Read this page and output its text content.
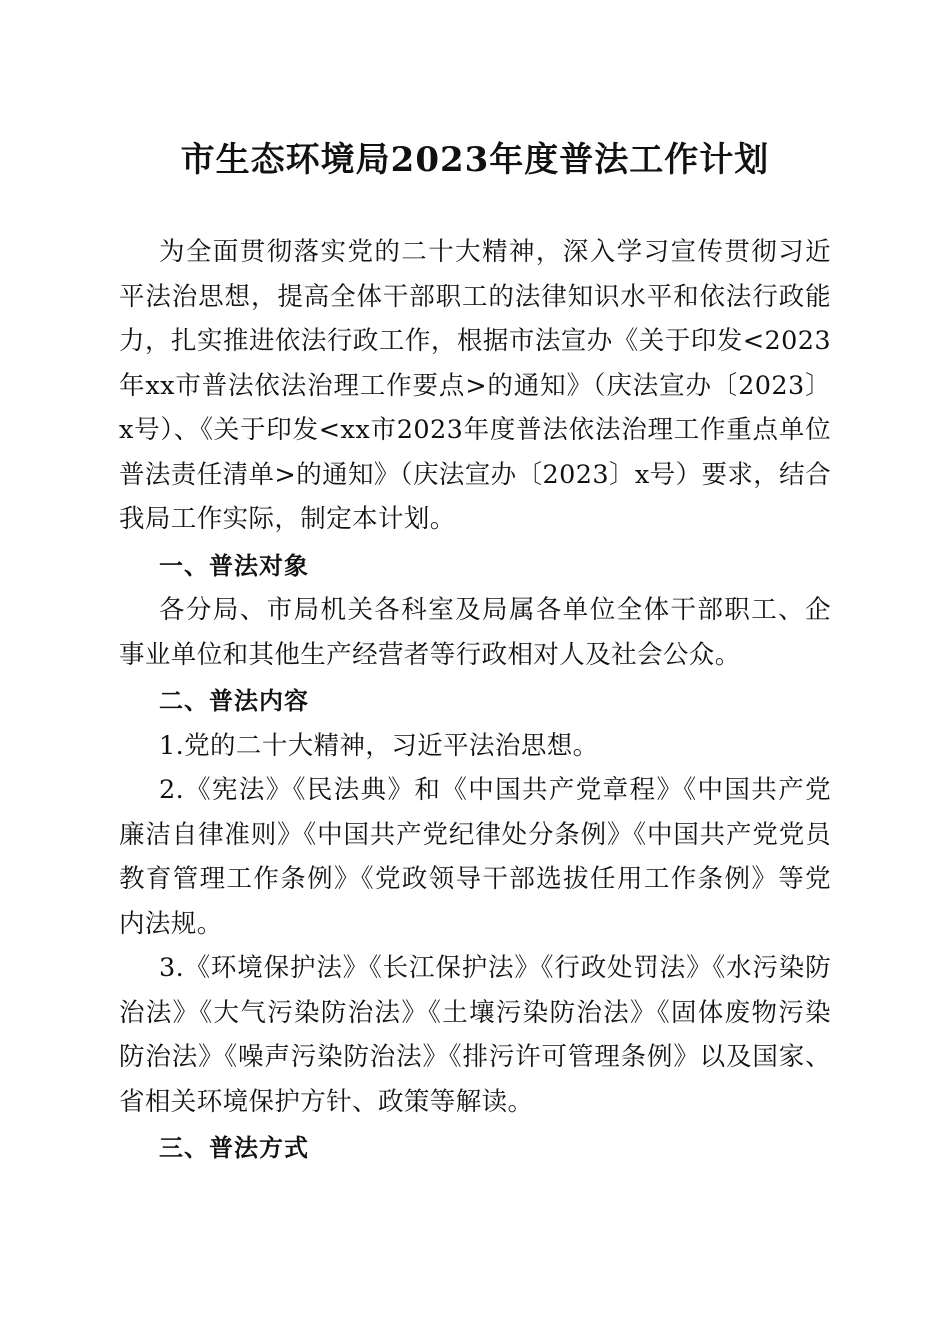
市生态环境局2023年度普法工作计划

为全面贯彻落实党的二十大精神，深入学习宣传贯彻习近平法治思想，提高全体干部职工的法律知识水平和依法行政能力，扎实推进依法行政工作，根据市法宣办《关于印发<2023年xx市普法依法治理工作要点>的通知》（庆法宣办〔2023〕x号）、《关于印发<xx市2023年度普法依法治理工作重点单位普法责任清单>的通知》（庆法宣办〔2023〕x号）要求，结合我局工作实际，制定本计划。

一、普法对象

各分局、市局机关各科室及局属各单位全体干部职工、企事业单位和其他生产经营者等行政相对人及社会公众。

二、普法内容

1.党的二十大精神，习近平法治思想。

2.《宪法》《民法典》和《中国共产党章程》《中国共产党廉洁自律准则》《中国共产党纪律处分条例》《中国共产党党员教育管理工作条例》《党政领导干部选拔任用工作条例》等党内法规。

3.《环境保护法》《长江保护法》《行政处罚法》《水污染防治法》《大气污染防治法》《土壤污染防治法》《固体废物污染防治法》《噪声污染防治法》《排污许可管理条例》以及国家、省相关环境保护方针、政策等解读。

三、普法方式
